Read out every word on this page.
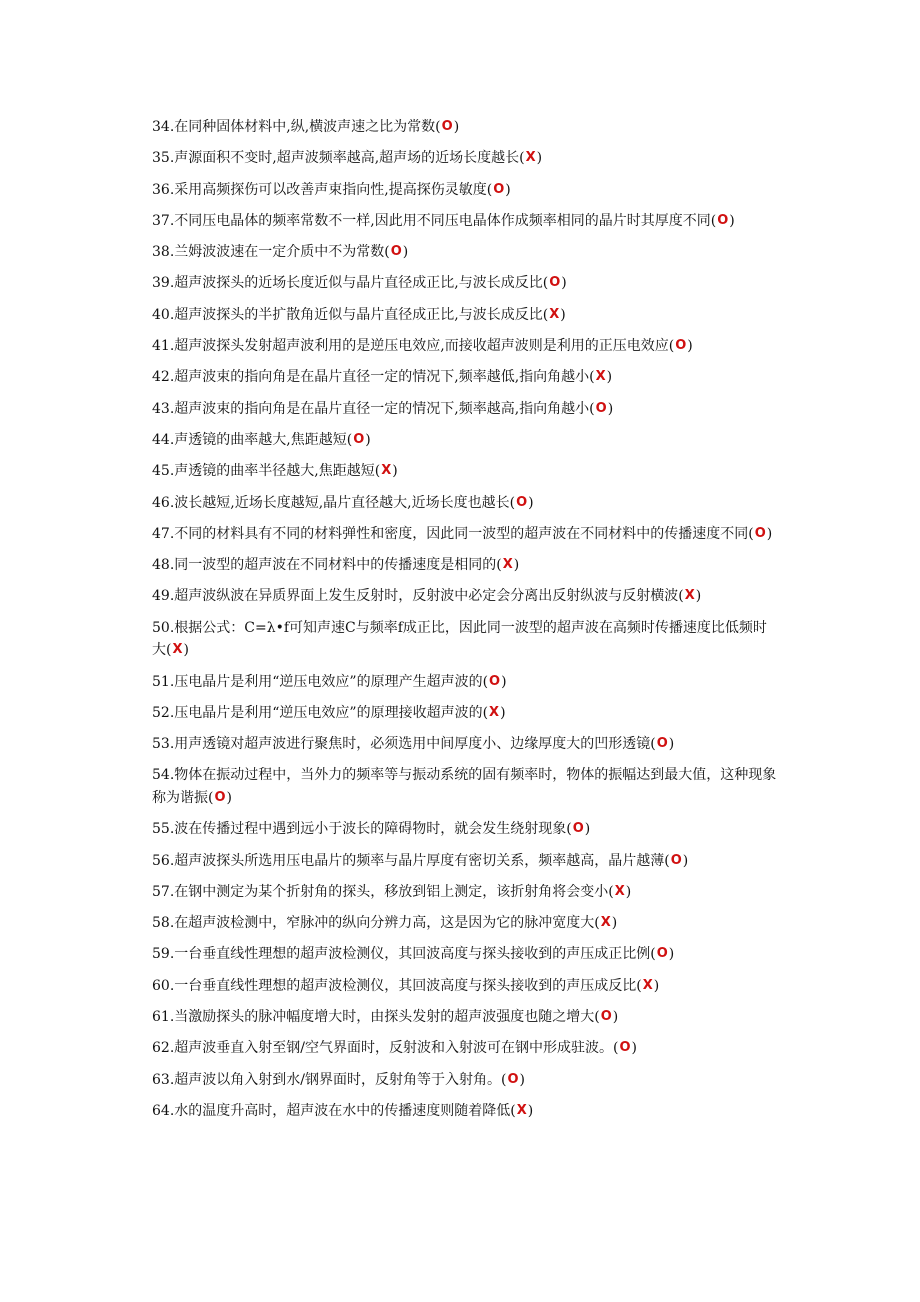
34.在同种固体材料中,纵,横波声速之比为常数(O)
35.声源面积不变时,超声波频率越高,超声场的近场长度越长(X)
36.采用高频探伤可以改善声束指向性,提高探伤灵敏度(O)
37.不同压电晶体的频率常数不一样,因此用不同压电晶体作成频率相同的晶片时其厚度不同(O)
38.兰姆波波速在一定介质中不为常数(O)
39.超声波探头的近场长度近似与晶片直径成正比,与波长成反比(O)
40.超声波探头的半扩散角近似与晶片直径成正比,与波长成反比(X)
41.超声波探头发射超声波利用的是逆压电效应,而接收超声波则是利用的正压电效应(O)
42.超声波束的指向角是在晶片直径一定的情况下,频率越低,指向角越小(X)
43.超声波束的指向角是在晶片直径一定的情况下,频率越高,指向角越小(O)
44.声透镜的曲率越大,焦距越短(O)
45.声透镜的曲率半径越大,焦距越短(X)
46.波长越短,近场长度越短,晶片直径越大,近场长度也越长(O)
47.不同的材料具有不同的材料弹性和密度，因此同一波型的超声波在不同材料中的传播速度不同(O)
48.同一波型的超声波在不同材料中的传播速度是相同的(X)
49.超声波纵波在异质界面上发生反射时，反射波中必定会分离出反射纵波与反射横波(X)
50.根据公式：C=λ•f可知声速C与频率f成正比，因此同一波型的超声波在高频时传播速度比低频时大(X)
51.压电晶片是利用“逆压电效应”的原理产生超声波的(O)
52.压电晶片是利用“逆压电效应”的原理接收超声波的(X)
53.用声透镜对超声波进行聚焦时，必须选用中间厚度小、边缘厚度大的凹形透镜(O)
54.物体在振动过程中，当外力的频率等与振动系统的固有频率时，物体的振幅达到最大值，这种现象称为谐振(O)
55.波在传播过程中遇到远小于波长的障碍物时，就会发生绕射现象(O)
56.超声波探头所选用压电晶片的频率与晶片厚度有密切关系，频率越高，晶片越薄(O)
57.在钢中测定为某个折射角的探头，移放到铝上测定，该折射角将会变小(X)
58.在超声波检测中，窄脉冲的纵向分辨力高，这是因为它的脉冲宽度大(X)
59.一台垂直线性理想的超声波检测仪，其回波高度与探头接收到的声压成正比例(O)
60.一台垂直线性理想的超声波检测仪，其回波高度与探头接收到的声压成反比(X)
61.当激励探头的脉冲幅度增大时，由探头发射的超声波强度也随之增大(O)
62.超声波垂直入射至钢/空气界面时，反射波和入射波可在钢中形成驻波。(O)
63.超声波以角入射到水/钢界面时，反射角等于入射角。(O)
64.水的温度升高时，超声波在水中的传播速度则随着降低(X)
